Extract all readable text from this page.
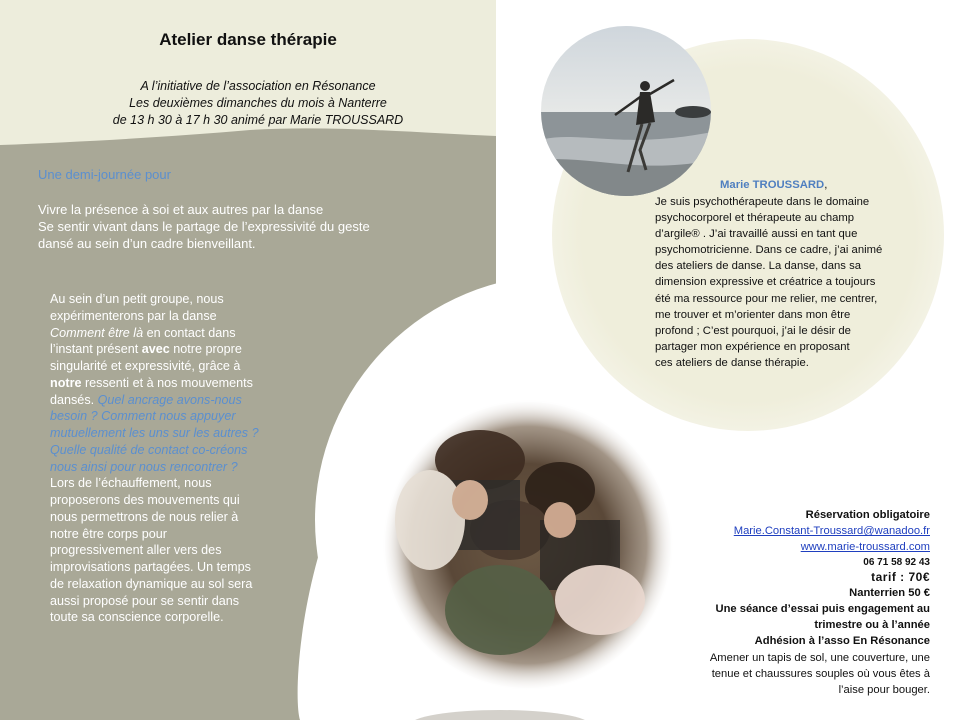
Atelier danse thérapie
A l’initiative de l’association en Résonance
Les deuxièmes dimanches du mois à Nanterre
de 13 h 30 à 17 h 30 animé par Marie TROUSSARD
Une demi-journée pour
Vivre la présence à soi et aux autres par la danse
Se sentir vivant dans le partage de l’expressivité du geste dansé au sein d’un cadre bienveillant.
Au sein d’un petit groupe, nous expérimenterons par la danse Comment être là en contact dans l’instant présent avec notre propre singularité et expressivité, grâce à notre ressenti et à nos mouvements dansés. Quel ancrage avons-nous besoin ? Comment nous appuyer mutuellement les uns sur les autres ? Quelle qualité de contact co-créons nous ainsi pour nous rencontrer ? Lors de l’échauffement, nous proposerons des mouvements qui nous permettrons de nous relier à notre être corps pour progressivement aller vers des improvisations partagées. Un temps de relaxation dynamique au sol sera aussi proposé pour se sentir dans toute sa conscience corporelle.
Marie TROUSSARD,
Je suis psychothérapeute dans le domaine
psychocorporel et thérapeute au champ
d’argile® . J’ai travaillé aussi en tant que
psychomotricienne. Dans ce cadre, j’ai animé
des ateliers de danse. La danse, dans sa
dimension expressive et créatrice a toujours
été ma ressource pour me relier, me centrer,
me trouver et m’orienter dans mon être
profond ; C’est pourquoi, j’ai le désir de
partager mon expérience en proposant
ces ateliers de danse thérapie.
Réservation obligatoire
Marie.Constant-Troussard@wanadoo.fr
www.marie-troussard.com
06 71 58 92 43
tarif : 70€
Nanterrien 50 €
Une séance d’essai puis engagement au
trimestre ou à l’année
Adhésion à l’asso En Résonance
Amener un tapis de sol, une couverture, une
tenue et chaussures souples où vous êtes à
l’aise pour bouger.
